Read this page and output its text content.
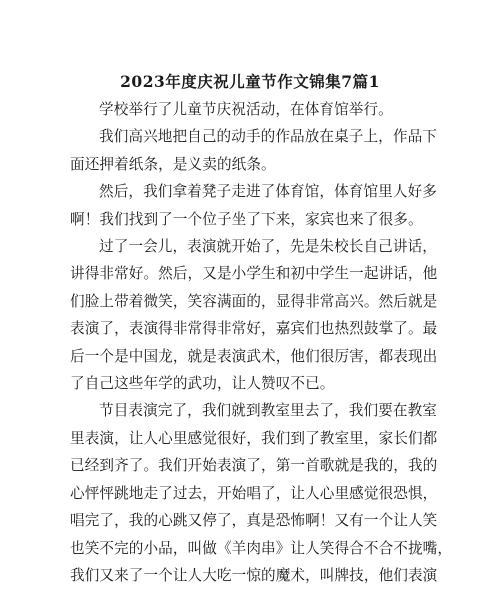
2023年度庆祝儿童节作文锦集7篇1

学校举行了儿童节庆祝活动，在体育馆举行。

我们高兴地把自己的动手的作品放在桌子上，作品下
面还押着纸条，是义卖的纸条。

然后，我们拿着凳子走进了体育馆，体育馆里人好多
啊！我们找到了一个位子坐了下来，家宾也来了很多。

过了一会儿，表演就开始了，先是朱校长自己讲话，
讲得非常好。然后，又是小学生和初中学生一起讲话，他
们脸上带着微笑，笑容满面的，显得非常高兴。然后就是
表演了，表演得非常得非常好，嘉宾们也热烈鼓掌了。最
后一个是中国龙，就是表演武术，他们很厉害，都表现出
了自己这些年学的武功，让人赞叹不已。

节目表演完了，我们就到教室里去了，我们要在教室
里表演，让人心里感觉很好，我们到了教室里，家长们都
已经到齐了。我们开始表演了，第一首歌就是我的，我的
心怦怦跳地走了过去，开始唱了，让人心里感觉很恐惧，
唱完了，我的心跳又停了，真是恐怖啊！又有一个让人笑
也笑不完的小品，叫做《羊肉串》让人笑得合不合不拢嘴，
我们又来了一个让人大吃一惊的魔术，叫牌技，他们表演
